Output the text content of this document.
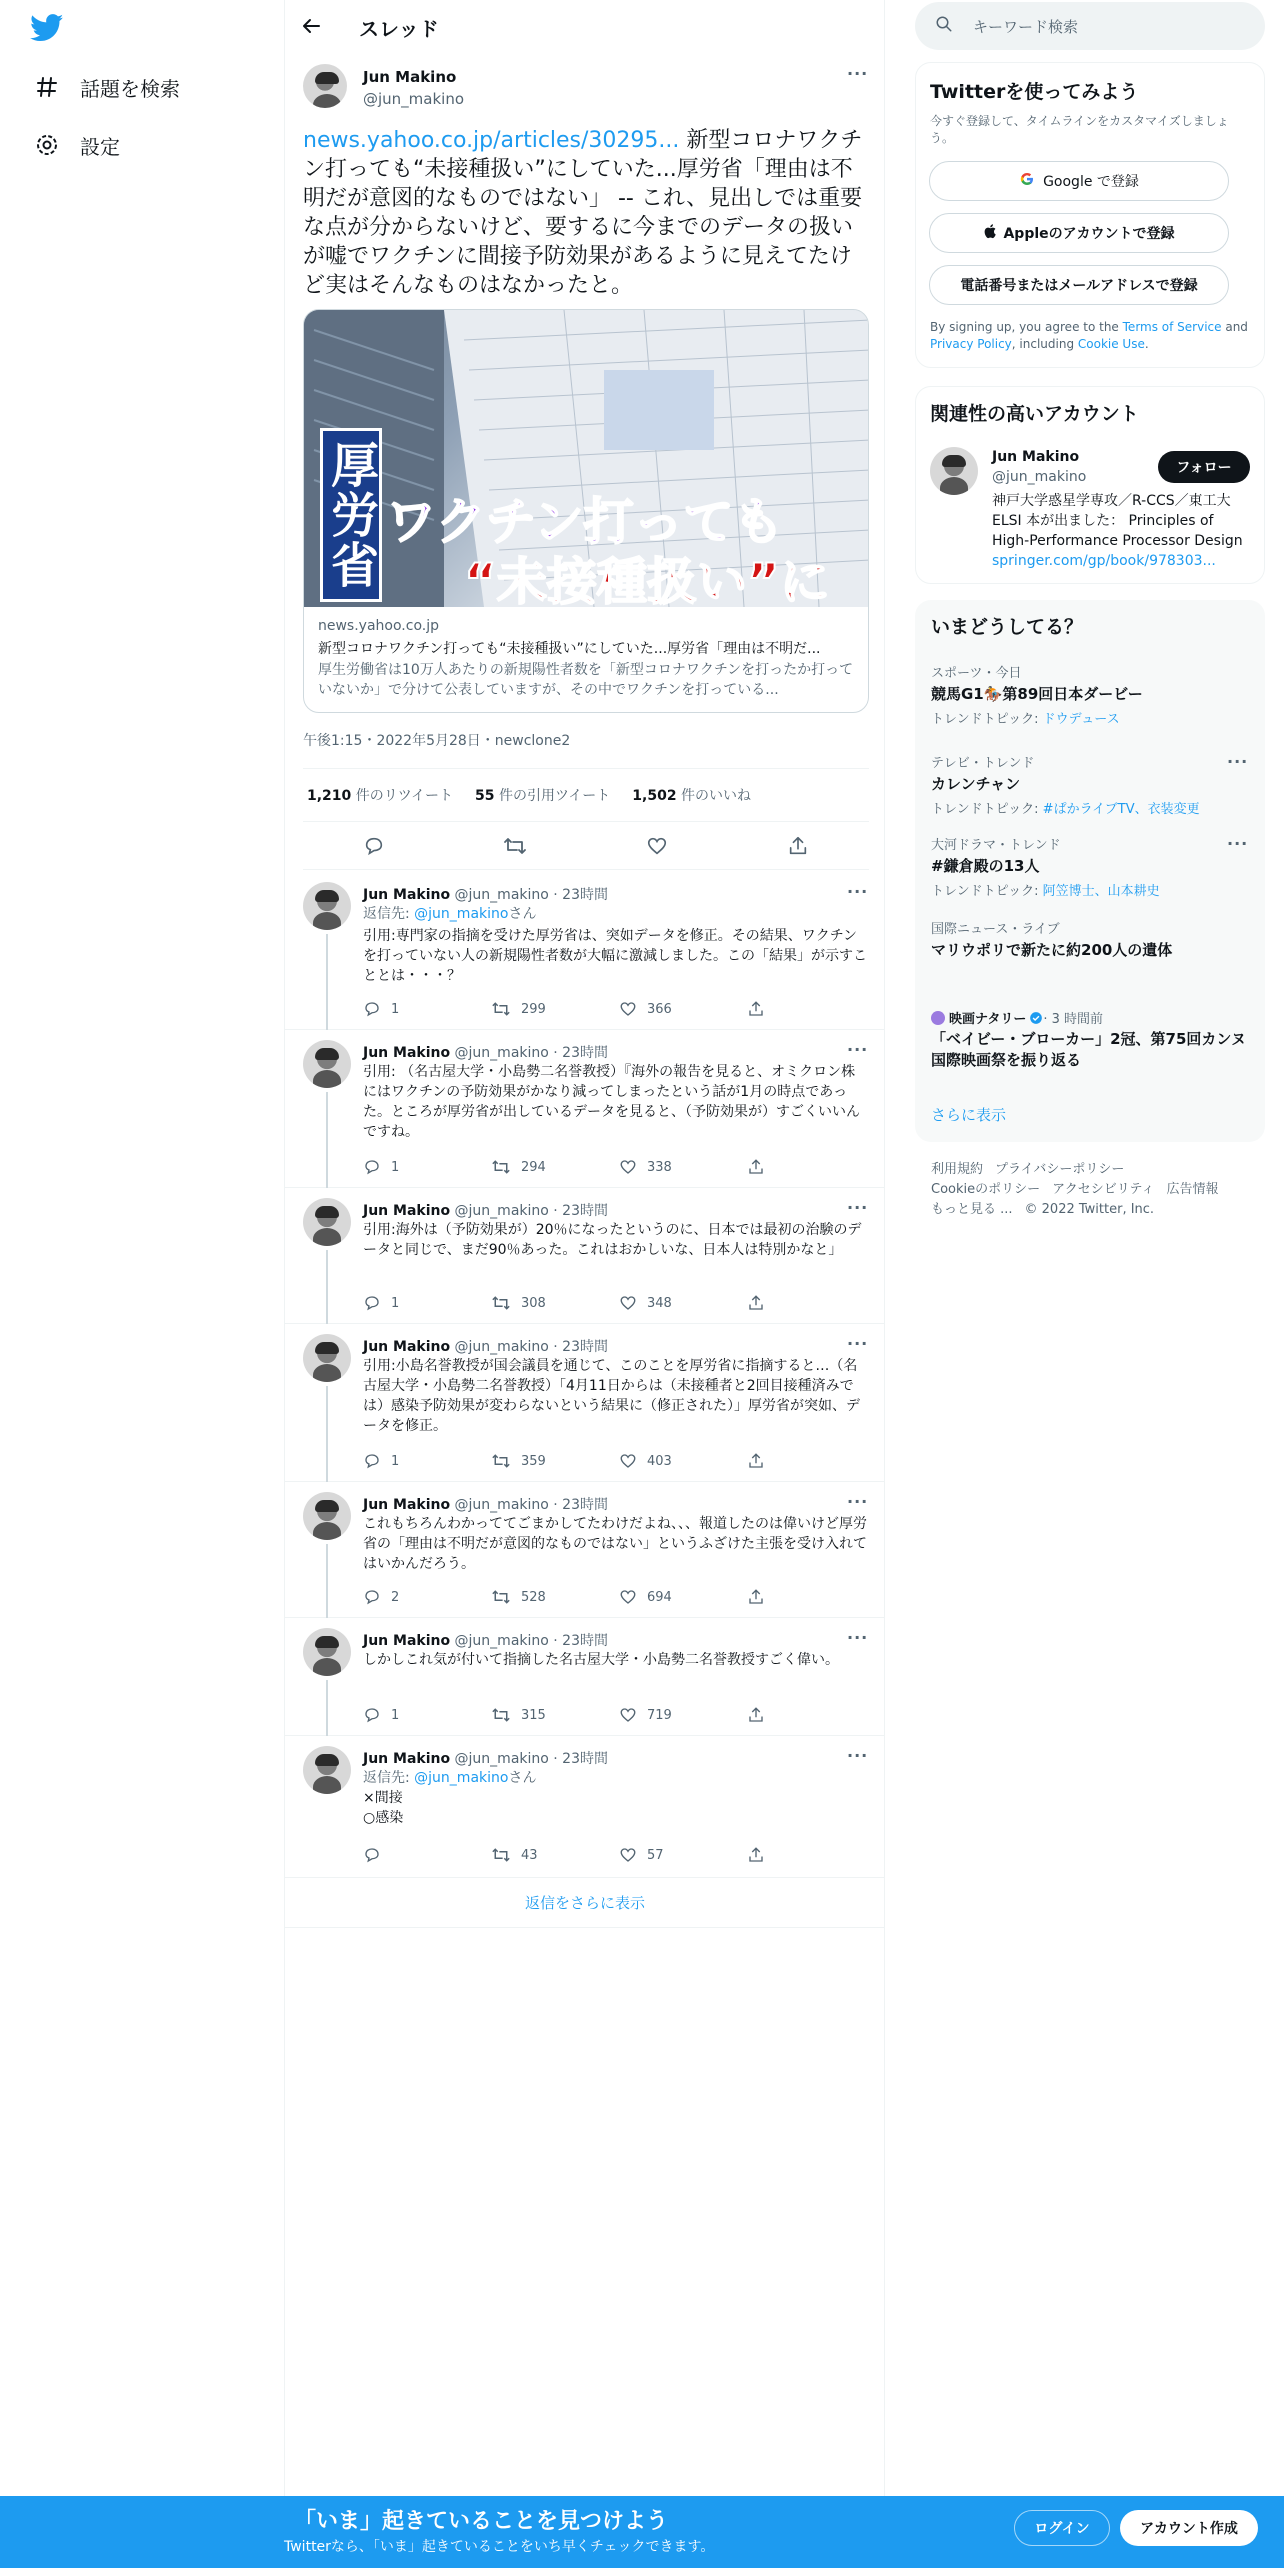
話題を検索
設定
スレッド
Jun Makino
@jun_makino
···
news.yahoo.co.jp/articles/30295... 新型コロナワクチン打っても“未接種扱い”にしていた...厚労省「理由は不明だが意図的なものではない」 -- これ、見出しでは重要な点が分からないけど、要するに今までのデータの扱いが嘘でワクチンに間接予防効果があるように見えてたけど実はそんなものはなかったと。
厚労省 ワクチン打っても
“未接種扱い”に
news.yahoo.co.jp
新型コロナワクチン打っても“未接種扱い”にしていた...厚労省「理由は不明だ...
厚生労働省は10万人あたりの新規陽性者数を「新型コロナワクチンを打ったか打っていないか」で分けて公表していますが、その中でワクチンを打っている...
午後1:15・2022年5月28日・newclone2
1,210 件のリツイート 55 件の引用ツイート 1,502 件のいいね
Jun Makino @jun_makino · 23時間	···
返信先: @jun_makinoさん
引用:専門家の指摘を受けた厚労省は、突如データを修正。その結果、ワクチンを打っていない人の新規陽性者数が大幅に激減しました。この「結果」が示すこととは・・・？
1	299	366
Jun Makino @jun_makino · 23時間	···
引用: （名古屋大学・小島勢二名誉教授）『海外の報告を見ると、オミクロン株にはワクチンの予防効果がかなり減ってしまったという話が1月の時点であった。ところが厚労省が出しているデータを見ると、（予防効果が）すごくいいんですね。
1	294	338
Jun Makino @jun_makino · 23時間	···
引用:海外は（予防効果が）20％になったというのに、日本では最初の治験のデータと同じで、まだ90％あった。これはおかしいな、日本人は特別かなと」
1	308	348
Jun Makino @jun_makino · 23時間	···
引用:小島名誉教授が国会議員を通じて、このことを厚労省に指摘すると…（名古屋大学・小島勢二名誉教授）「4月11日からは（未接種者と2回目接種済みでは）感染予防効果が変わらないという結果に（修正された）」厚労省が突如、データを修正。
1	359	403
Jun Makino @jun_makino · 23時間	···
これもちろんわかっててごまかしてたわけだよね、、、報道したのは偉いけど厚労省の「理由は不明だが意図的なものではない」というふざけた主張を受け入れてはいかんだろう。
2	528	694
Jun Makino @jun_makino · 23時間	···
しかしこれ気が付いて指摘した名古屋大学・小島勢二名誉教授すごく偉い。
1	315	719
Jun Makino @jun_makino · 23時間	···
返信先: @jun_makinoさん
×間接
○感染
43	57
返信をさらに表示
キーワード検索
Twitterを使ってみよう
今すぐ登録して、タイムラインをカスタマイズしましょう。
Google で登録
Appleのアカウントで登録
電話番号またはメールアドレスで登録
By signing up, you agree to the Terms of Service and Privacy Policy, including Cookie Use.
関連性の高いアカウント
Jun Makino
@jun_makino
フォロー
神戸大学惑星学専攻／R-CCS／東工大ELSI 本が出ました： Principles of High-Performance Processor Design
springer.com/gp/book/978303...
いまどうしてる？
スポーツ・今日
競馬G1🏇第89回日本ダービー
トレンドトピック: ドウデュース
テレビ・トレンド
カレンチャン
トレンドトピック: #ぱかライブTV、衣装変更
···
大河ドラマ・トレンド
#鎌倉殿の13人
トレンドトピック: 阿笠博士、山本耕史
···
国際ニュース・ライブ
マリウポリで新たに約200人の遺体
映画ナタリー · 3 時間前
「ベイビー・ブローカー」2冠、第75回カンヌ国際映画祭を振り返る
さらに表示
利用規約 プライバシーポリシー
Cookieのポリシー アクセシビリティ 広告情報
もっと見る ... © 2022 Twitter, Inc.
「いま」起きていることを見つけよう
Twitterなら、「いま」起きていることをいち早くチェックできます。
ログイン	アカウント作成
